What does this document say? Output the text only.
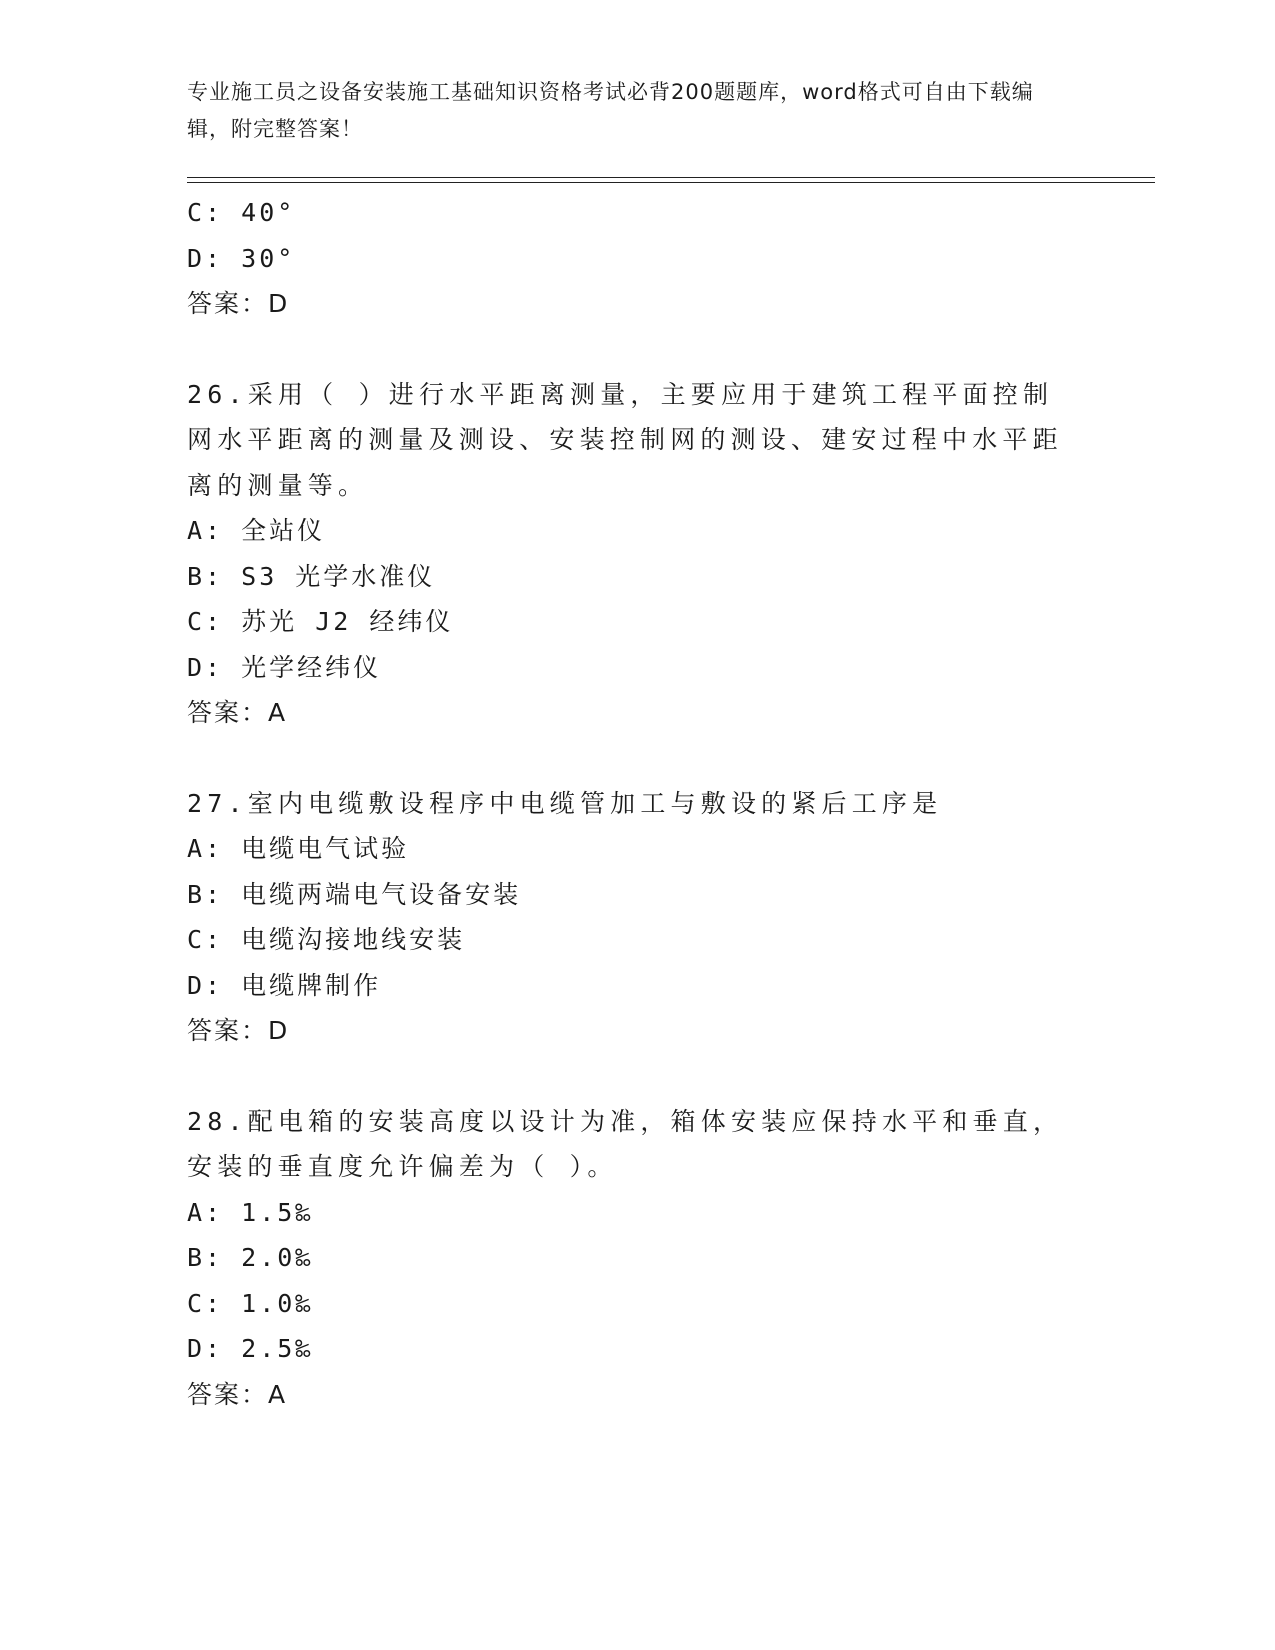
专业施工员之设备安装施工基础知识资格考试必背200题题库，word格式可自由下载编辑，附完整答案！
C: 40°
D: 30°
答案：D
26.采用（ ）进行水平距离测量，主要应用于建筑工程平面控制网水平距离的测量及测设、安装控制网的测设、建安过程中水平距离的测量等。
A: 全站仪
B: S3 光学水准仪
C: 苏光 J2 经纬仪
D: 光学经纬仪
答案：A
27.室内电缆敷设程序中电缆管加工与敷设的紧后工序是
A: 电缆电气试验
B: 电缆两端电气设备安装
C: 电缆沟接地线安装
D: 电缆牌制作
答案：D
28.配电箱的安装高度以设计为准，箱体安装应保持水平和垂直，安装的垂直度允许偏差为（ ）。
A: 1.5‰
B: 2.0‰
C: 1.0‰
D: 2.5‰
答案：A
